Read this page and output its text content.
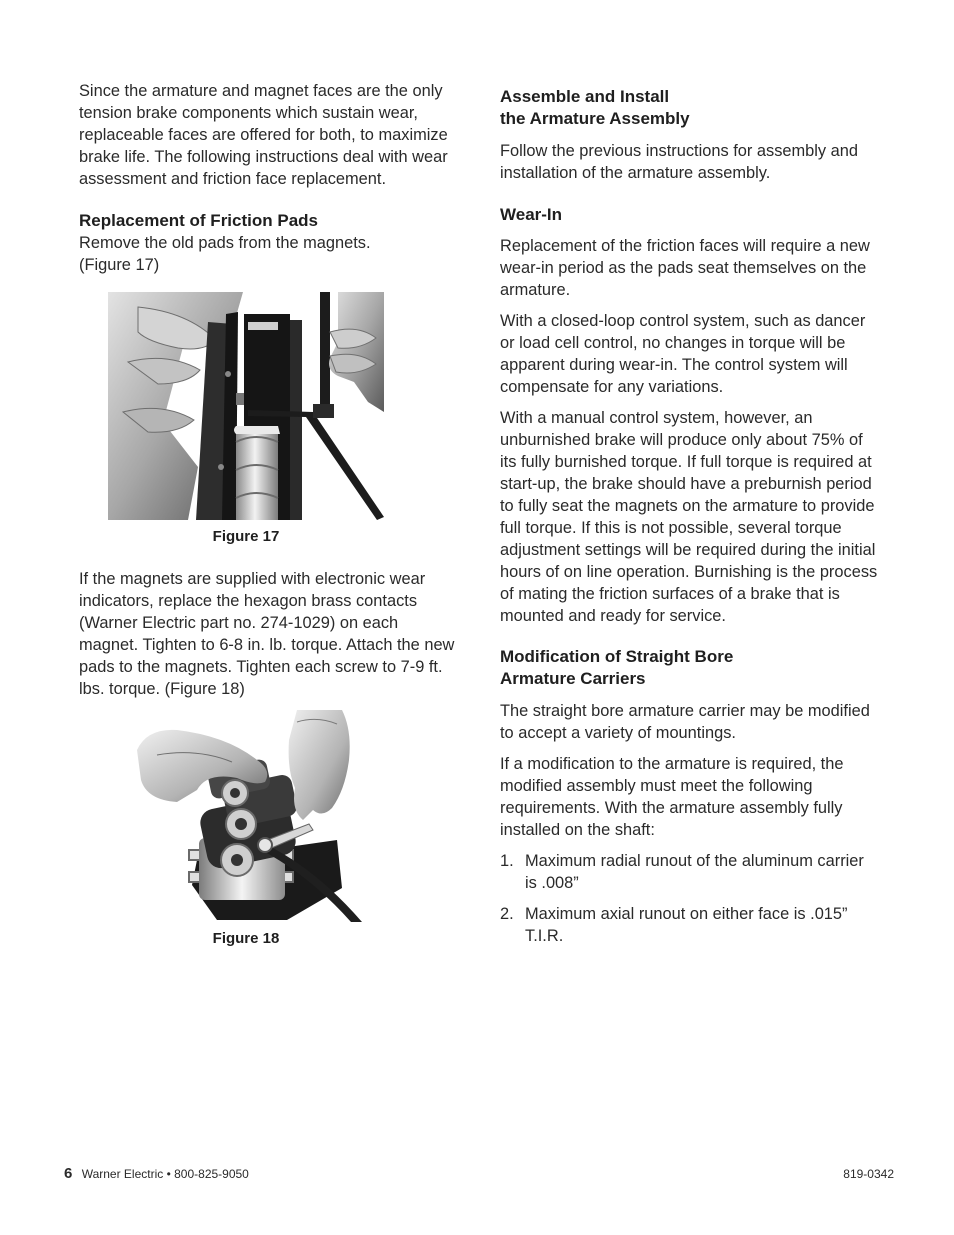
Since the armature and magnet faces are the only tension brake components which sustain wear, replaceable faces are offered for both, to maximize brake life. The following instructions deal with wear assessment and friction face replacement.

Replacement of Friction Pads

Remove the old pads from the magnets.
(Figure 17)

Figure 17

If the magnets are supplied with electronic wear indicators, replace the hexagon brass contacts (Warner Electric part no. 274-1029) on each magnet. Tighten to 6-8 in. lb. torque. Attach the new pads to the magnets. Tighten each screw to 7-9 ft. lbs. torque. (Figure 18)

Figure 18
Assemble and Install
the Armature Assembly

Follow the previous instructions for assembly and installation of the armature assembly.

Wear-In

Replacement of the friction faces will require a new wear-in period as the pads seat themselves on the armature.

With a closed-loop control system, such as dancer or load cell control, no changes in torque will be apparent during wear-in. The control system will compensate for any variations.

With a manual control system, however, an unburnished brake will produce only about 75% of its fully burnished torque. If full torque is required at start-up, the brake should have a preburnish period to fully seat the magnets on the armature to provide full torque. If this is not possible, several torque adjustment settings will be required during the initial hours of on line operation. Burnishing is the process of mating the friction surfaces of a brake that is mounted and ready for service.

Modification of Straight Bore
Armature Carriers

The straight bore armature carrier may be modified to accept a variety of mountings.

If a modification to the armature is required, the modified assembly must meet the following requirements. With the armature assembly fully installed on the shaft:

1. Maximum radial runout of the aluminum carrier is .008”
2. Maximum axial runout on either face is .015” T.I.R.
6 Warner Electric • 800-825-9050	819-0342
